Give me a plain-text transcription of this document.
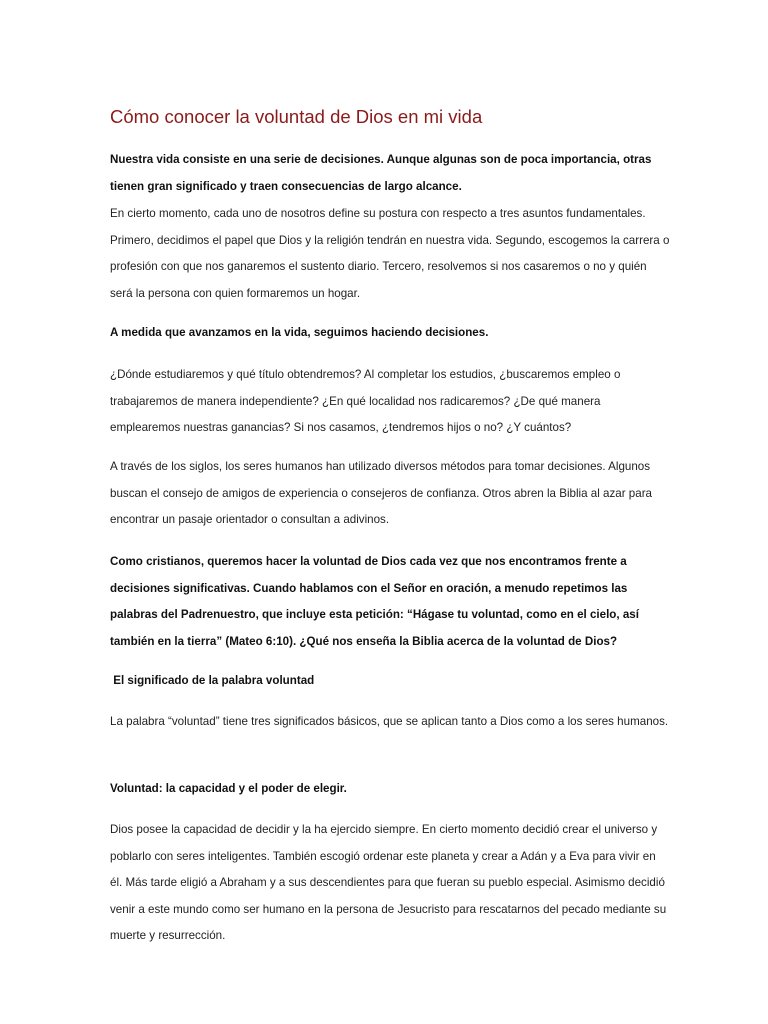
Cómo conocer la voluntad de Dios en mi vida

Nuestra vida consiste en una serie de decisiones. Aunque algunas son de poca importancia, otras tienen gran significado y traen consecuencias de largo alcance.

En cierto momento, cada uno de nosotros define su postura con respecto a tres asuntos fundamentales. Primero, decidimos el papel que Dios y la religión tendrán en nuestra vida. Segundo, escogemos la carrera o profesión con que nos ganaremos el sustento diario. Tercero, resolvemos si nos casaremos o no y quién será la persona con quien formaremos un hogar.

A medida que avanzamos en la vida, seguimos haciendo decisiones.

¿Dónde estudiaremos y qué título obtendremos? Al completar los estudios, ¿buscaremos empleo o trabajaremos de manera independiente? ¿En qué localidad nos radicaremos? ¿De qué manera emplearemos nuestras ganancias? Si nos casamos, ¿tendremos hijos o no? ¿Y cuántos?

A través de los siglos, los seres humanos han utilizado diversos métodos para tomar decisiones. Algunos buscan el consejo de amigos de experiencia o consejeros de confianza. Otros abren la Biblia al azar para encontrar un pasaje orientador o consultan a adivinos.

Como cristianos, queremos hacer la voluntad de Dios cada vez que nos encontramos frente a decisiones significativas. Cuando hablamos con el Señor en oración, a menudo repetimos las palabras del Padrenuestro, que incluye esta petición: “Hágase tu voluntad, como en el cielo, así también en la tierra” (Mateo 6:10). ¿Qué nos enseña la Biblia acerca de la voluntad de Dios?

El significado de la palabra voluntad

La palabra “voluntad” tiene tres significados básicos, que se aplican tanto a Dios como a los seres humanos.

Voluntad: la capacidad y el poder de elegir.

Dios posee la capacidad de decidir y la ha ejercido siempre. En cierto momento decidió crear el universo y poblarlo con seres inteligentes. También escogió ordenar este planeta y crear a Adán y a Eva para vivir en él. Más tarde eligió a Abraham y a sus descendientes para que fueran su pueblo especial. Asimismo decidió venir a este mundo como ser humano en la persona de Jesucristo para rescatarnos del pecado mediante su muerte y resurrección.
